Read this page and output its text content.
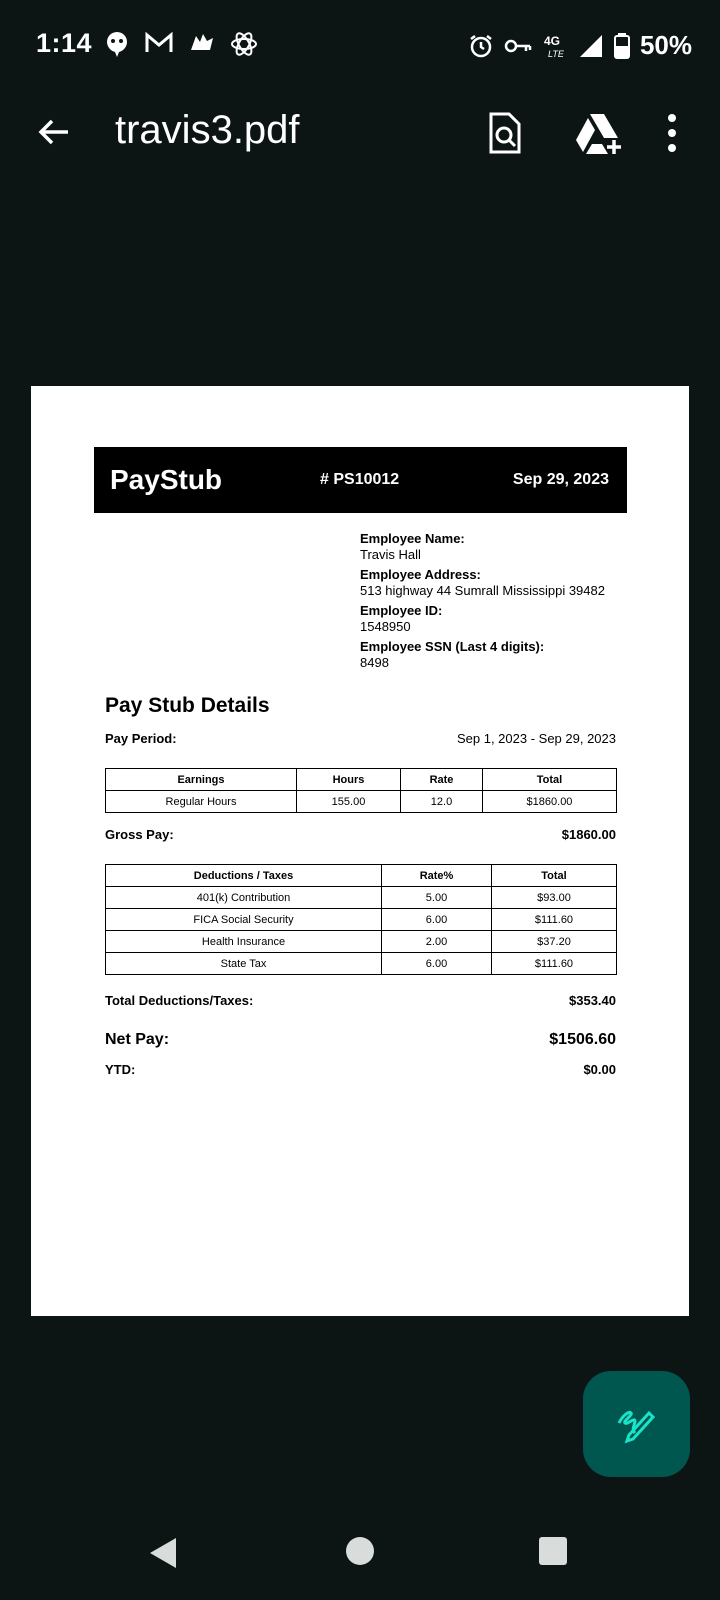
1:14	4G
LTE	50%
travis3.pdf
PayStub	# PS10012	Sep 29, 2023
Employee Name:
Travis Hall
Employee Address:
513 highway 44 Sumrall Mississippi 39482
Employee ID:
1548950
Employee SSN (Last 4 digits):
8498
Pay Stub Details
Pay Period:	Sep 1, 2023 - Sep 29, 2023
Earnings	Hours	Rate	Total
Regular Hours	155.00	12.0	$1860.00
Gross Pay:	$1860.00
Deductions / Taxes	Rate%	Total
401(k) Contribution	5.00	$93.00
FICA Social Security	6.00	$111.60
Health Insurance	2.00	$37.20
State Tax	6.00	$111.60
Total Deductions/Taxes:	$353.40
Net Pay:	$1506.60
YTD:	$0.00
